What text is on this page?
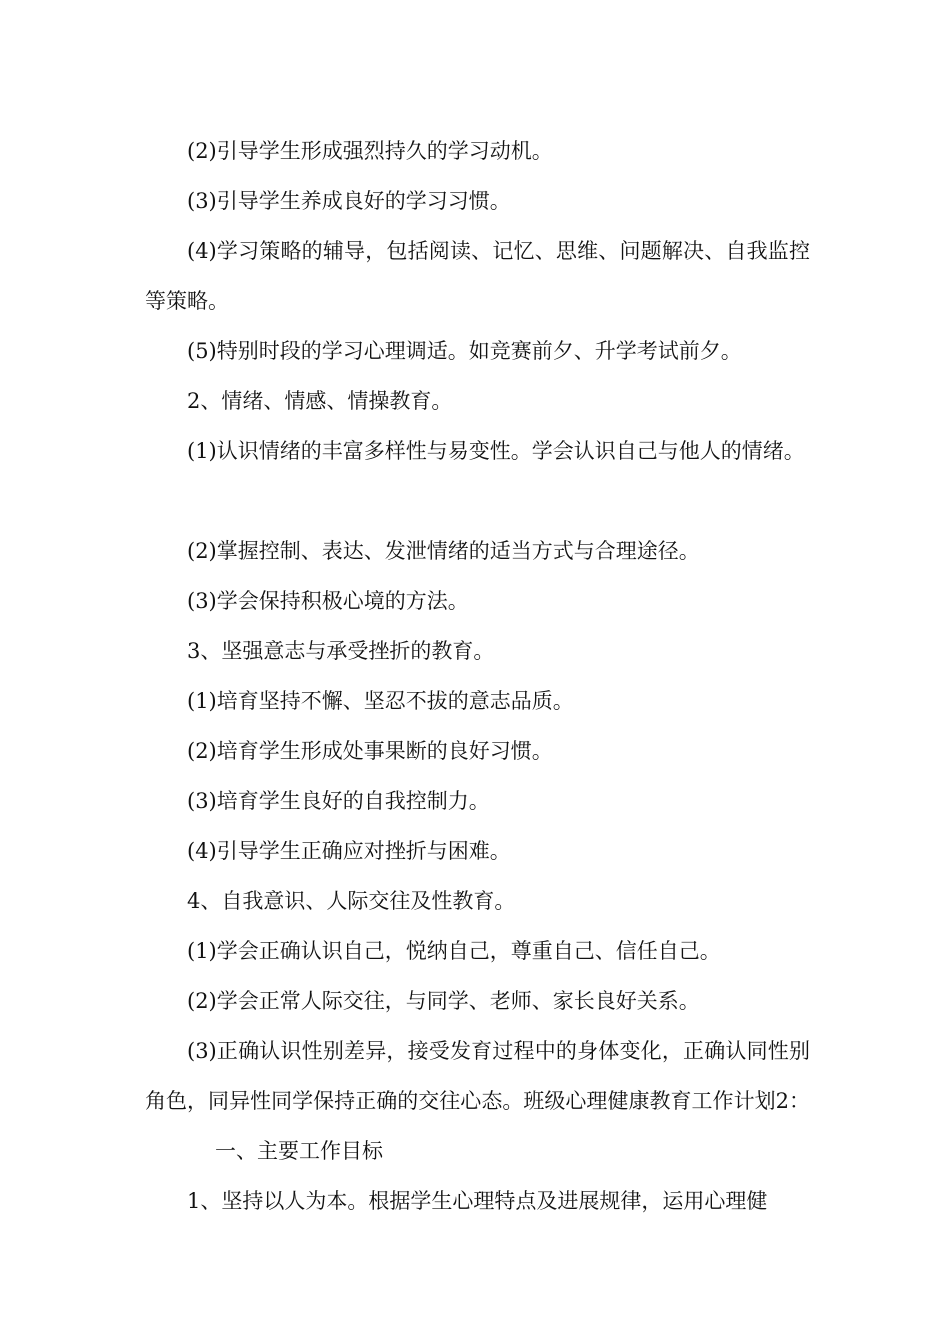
(2)引导学生形成强烈持久的学习动机。

(3)引导学生养成良好的学习习惯。

(4)学习策略的辅导，包括阅读、记忆、思维、问题解决、自我监控等策略。

(5)特别时段的学习心理调适。如竞赛前夕、升学考试前夕。

2、情绪、情感、情操教育。

(1)认识情绪的丰富多样性与易变性。学会认识自己与他人的情绪。

(2)掌握控制、表达、发泄情绪的适当方式与合理途径。

(3)学会保持积极心境的方法。

3、坚强意志与承受挫折的教育。

(1)培育坚持不懈、坚忍不拔的意志品质。

(2)培育学生形成处事果断的良好习惯。

(3)培育学生良好的自我控制力。

(4)引导学生正确应对挫折与困难。

4、自我意识、人际交往及性教育。

(1)学会正确认识自己，悦纳自己，尊重自己、信任自己。

(2)学会正常人际交往，与同学、老师、家长良好关系。

(3)正确认识性别差异，接受发育过程中的身体变化，正确认同性别角色，同异性同学保持正确的交往心态。班级心理健康教育工作计划2：一、主要工作目标

1、坚持以人为本。根据学生心理特点及进展规律，运用心理健
